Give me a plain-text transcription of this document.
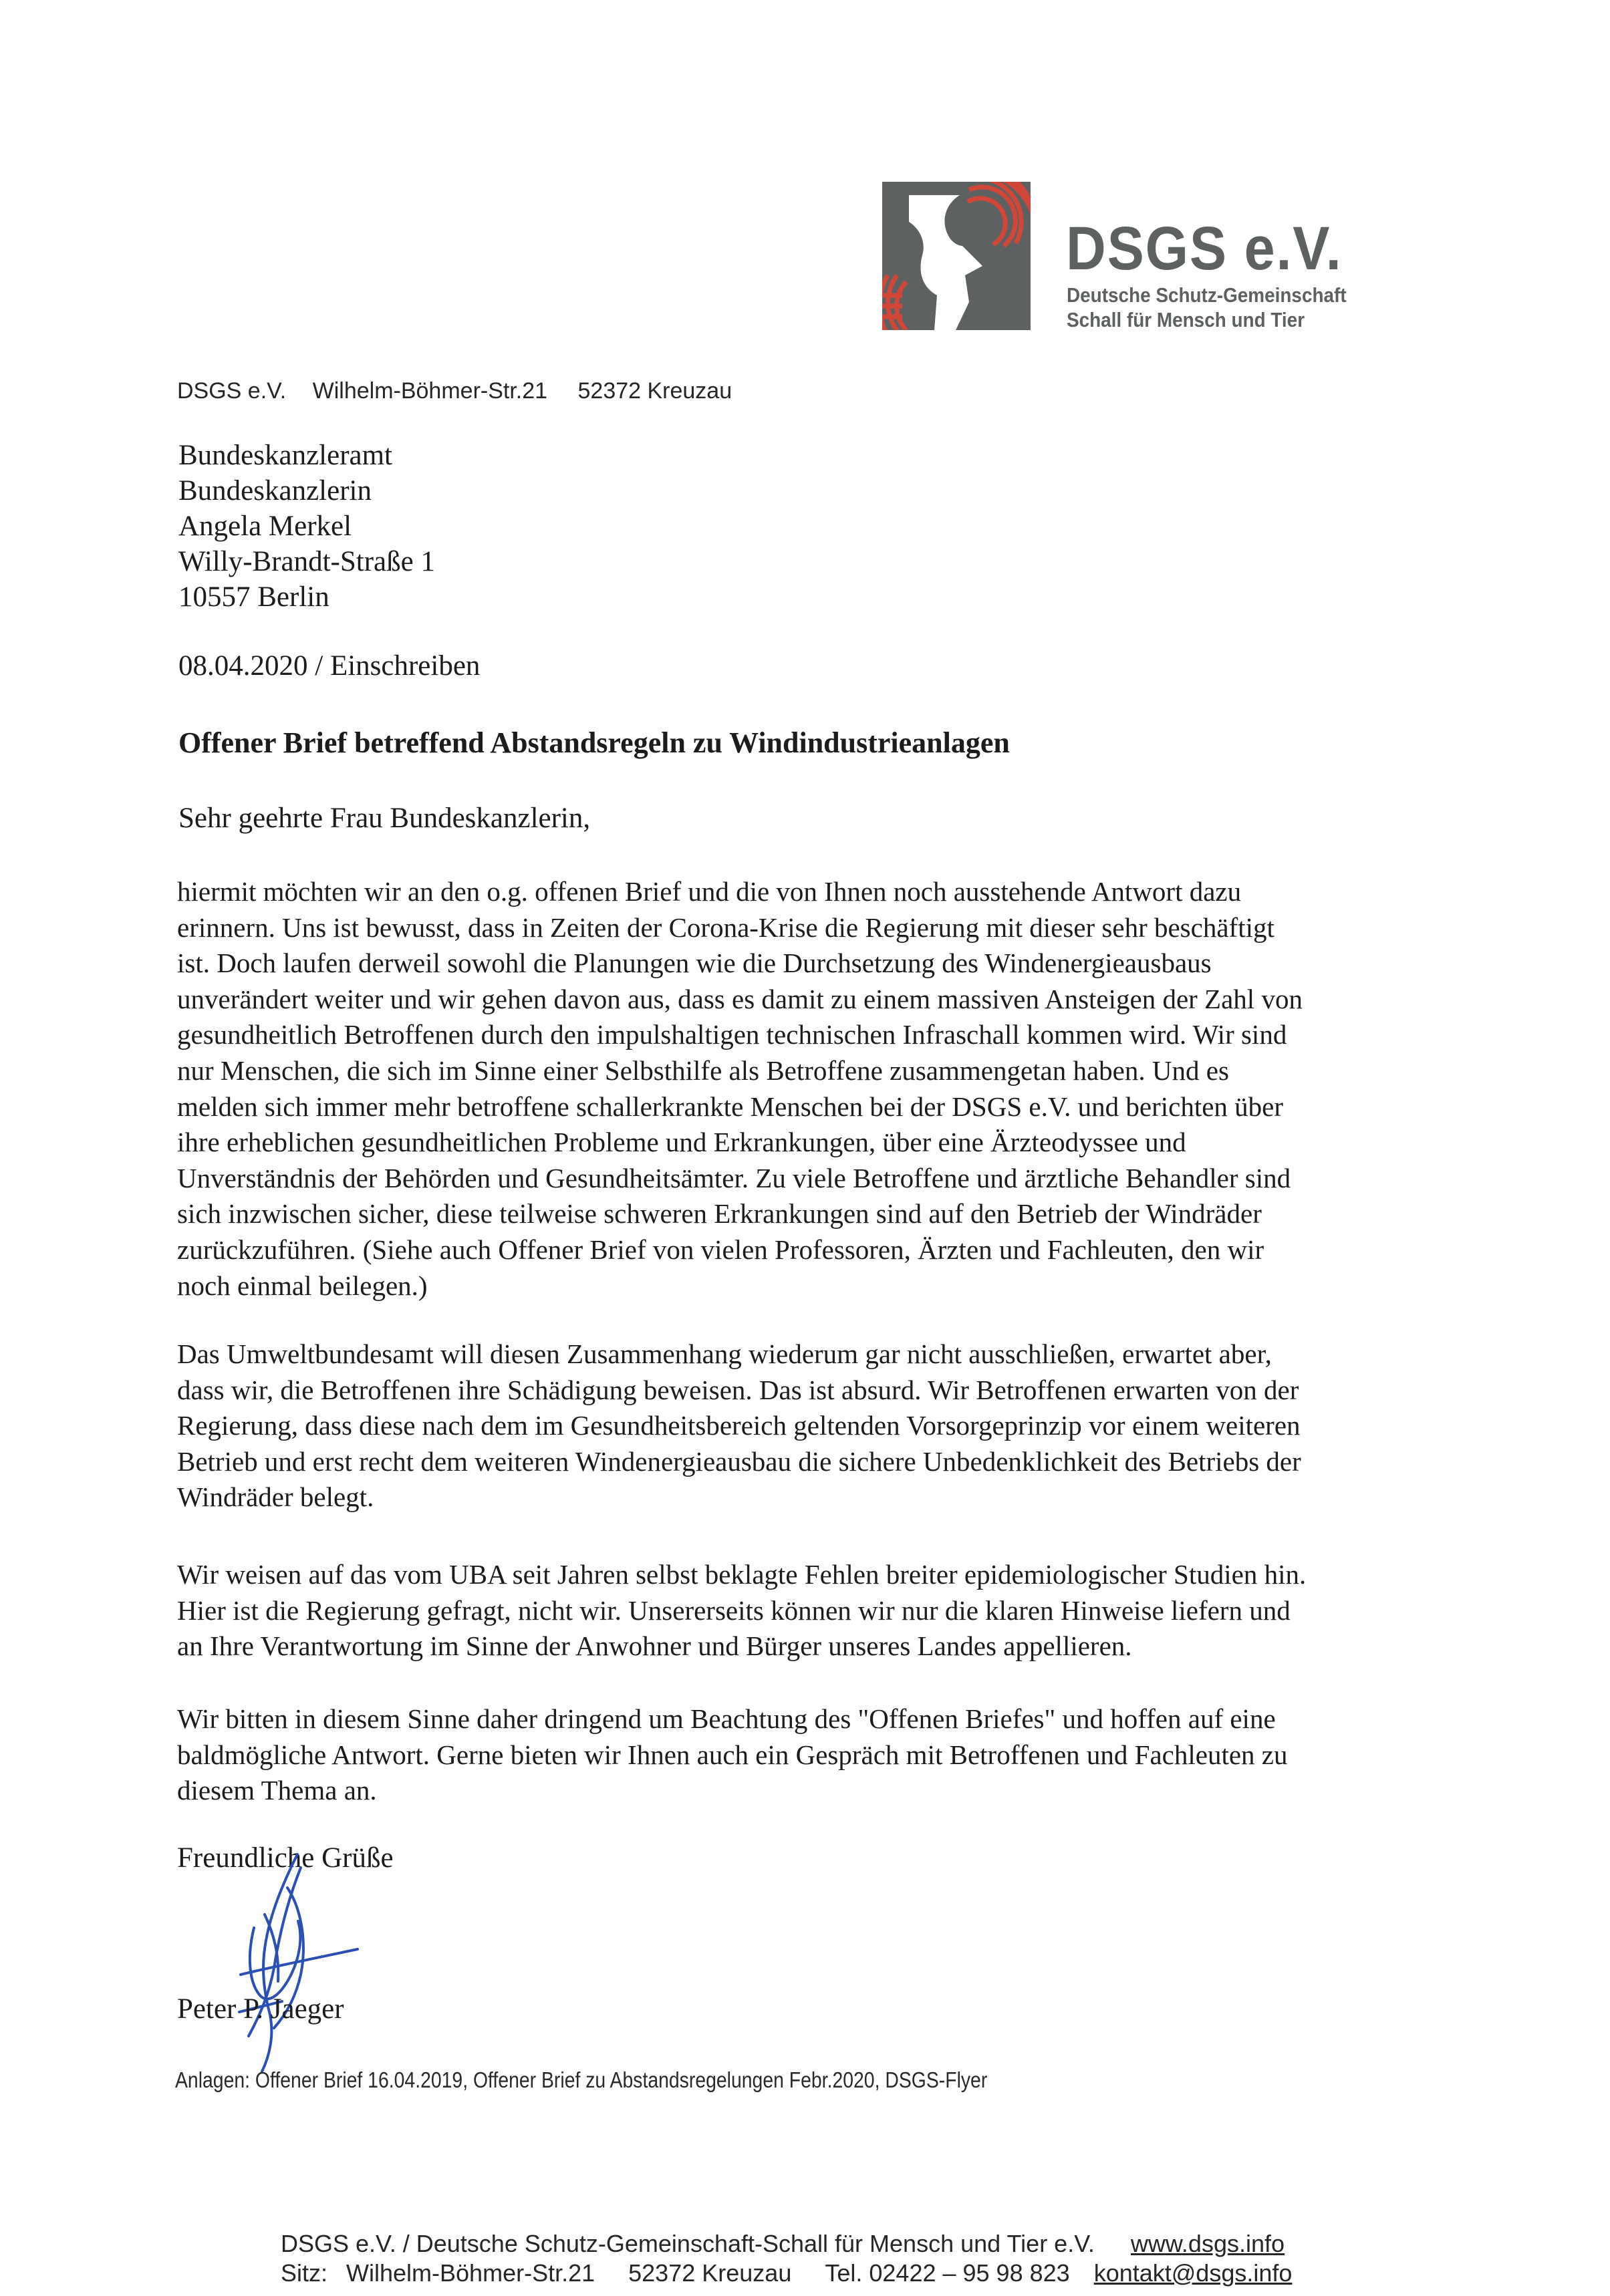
DSGS e.V.
Deutsche Schutz-Gemeinschaft
Schall für Mensch und Tier
DSGS e.V. Wilhelm-Böhmer-Str.21 52372 Kreuzau
Bundeskanzleramt
Bundeskanzlerin
Angela Merkel
Willy-Brandt-Straße 1
10557 Berlin
08.04.2020 / Einschreiben
Offener Brief betreffend Abstandsregeln zu Windindustrieanlagen
Sehr geehrte Frau Bundeskanzlerin,
hiermit möchten wir an den o.g. offenen Brief und die von Ihnen noch ausstehende Antwort dazu
erinnern. Uns ist bewusst, dass in Zeiten der Corona-Krise die Regierung mit dieser sehr beschäftigt
ist. Doch laufen derweil sowohl die Planungen wie die Durchsetzung des Windenergieausbaus
unverändert weiter und wir gehen davon aus, dass es damit zu einem massiven Ansteigen der Zahl von
gesundheitlich Betroffenen durch den impulshaltigen technischen Infraschall kommen wird. Wir sind
nur Menschen, die sich im Sinne einer Selbsthilfe als Betroffene zusammengetan haben. Und es
melden sich immer mehr betroffene schallerkrankte Menschen bei der DSGS e.V. und berichten über
ihre erheblichen gesundheitlichen Probleme und Erkrankungen, über eine Ärzteodyssee und
Unverständnis der Behörden und Gesundheitsämter. Zu viele Betroffene und ärztliche Behandler sind
sich inzwischen sicher, diese teilweise schweren Erkrankungen sind auf den Betrieb der Windräder
zurückzuführen. (Siehe auch Offener Brief von vielen Professoren, Ärzten und Fachleuten, den wir
noch einmal beilegen.)
Das Umweltbundesamt will diesen Zusammenhang wiederum gar nicht ausschließen, erwartet aber,
dass wir, die Betroffenen ihre Schädigung beweisen. Das ist absurd. Wir Betroffenen erwarten von der
Regierung, dass diese nach dem im Gesundheitsbereich geltenden Vorsorgeprinzip vor einem weiteren
Betrieb und erst recht dem weiteren Windenergieausbau die sichere Unbedenklichkeit des Betriebs der
Windräder belegt.
Wir weisen auf das vom UBA seit Jahren selbst beklagte Fehlen breiter epidemiologischer Studien hin.
Hier ist die Regierung gefragt, nicht wir. Unsererseits können wir nur die klaren Hinweise liefern und
an Ihre Verantwortung im Sinne der Anwohner und Bürger unseres Landes appellieren.
Wir bitten in diesem Sinne daher dringend um Beachtung des "Offenen Briefes" und hoffen auf eine
baldmögliche Antwort. Gerne bieten wir Ihnen auch ein Gespräch mit Betroffenen und Fachleuten zu
diesem Thema an.
Freundliche Grüße
Peter P. Jaeger
Anlagen: Offener Brief 16.04.2019, Offener Brief zu Abstandsregelungen Febr.2020, DSGS-Flyer
DSGS e.V. / Deutsche Schutz-Gemeinschaft-Schall für Mensch und Tier e.V. www.dsgs.info
Sitz: Wilhelm-Böhmer-Str.21 52372 Kreuzau Tel. 02422 – 95 98 823 kontakt@dsgs.info
